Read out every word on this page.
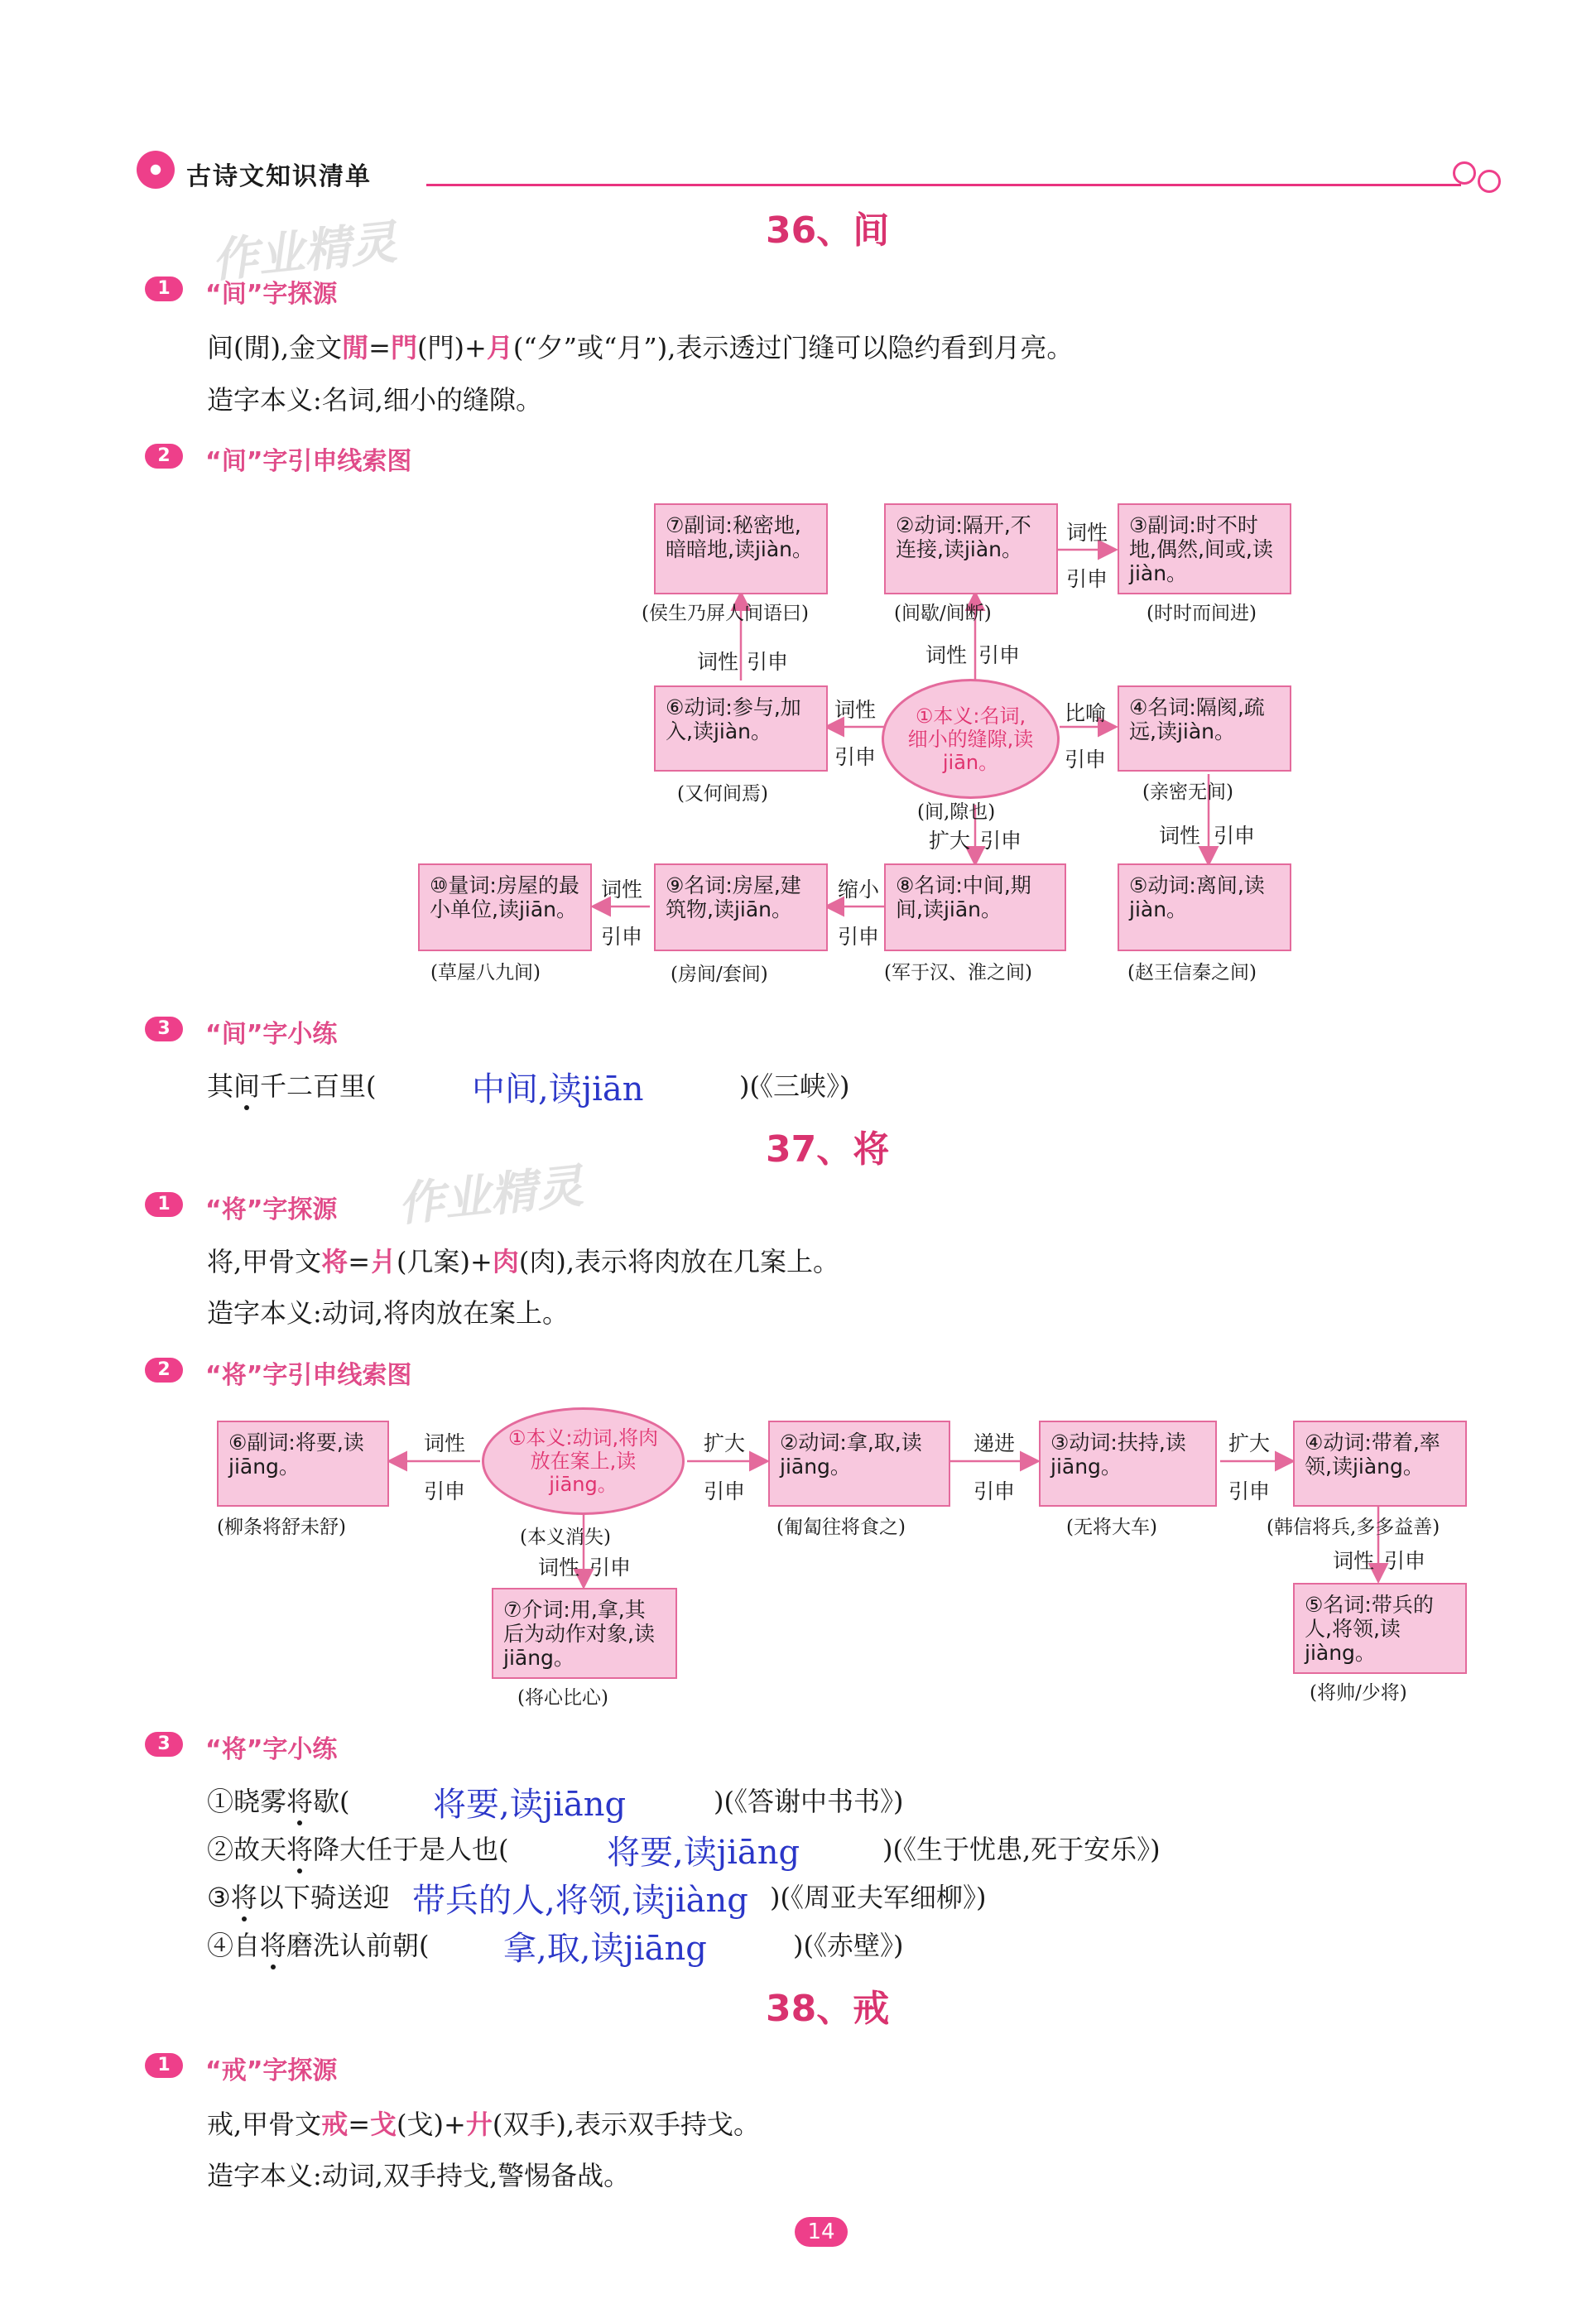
古诗文知识清单
作业精灵
作业精灵
36、间
1	“间”字探源
间(閒),金文閒=門(門)+月(“夕”或“月”),表示透过门缝可以隐约看到月亮。
造字本义:名词,细小的缝隙。
2	“间”字引申线索图
⑦副词:秘密地,暗暗地,读jiàn。
(侯生乃屏人间语曰)
②动词:隔开,不连接,读jiàn。
(间歇/间断)
③副词:时不时地,偶然,间或,读jiàn。
(时时而间进)
⑥动词:参与,加入,读jiàn。
(又何间焉)
①本义:名词,细小的缝隙,读jiān。
(间,隙也)
④名词:隔阂,疏远,读jiàn。
(亲密无间)
⑩量词:房屋的最小单位,读jiān。
(草屋八九间)
⑨名词:房屋,建筑物,读jiān。
(房间/套间)
⑧名词:中间,期间,读jiān。
(军于汉、淮之间)
⑤动词:离间,读jiàn。
(赵王信秦之间)
词性
引申
词性 引申	词性 引申
词性
引申
比喻
引申
扩大 引申	词性 引申
缩小
引申
词性
引申
3	“间”字小练
其间千二百里(	中间,读jiān	)(《三峡》)
37、将
1	“将”字探源
将,甲骨文将=爿(几案)+肉(肉),表示将肉放在几案上。
造字本义:动词,将肉放在案上。
2	“将”字引申线索图
⑥副词:将要,读jiāng。
(柳条将舒未舒)
①本义:动词,将肉放在案上,读jiāng。
(本义消失)
②动词:拿,取,读jiāng。
(匍匐往将食之)
③动词:扶持,读jiāng。
(无将大车)
④动词:带着,率领,读jiàng。
(韩信将兵,多多益善)
⑦介词:用,拿,其后为动作对象,读jiāng。
(将心比心)
⑤名词:带兵的人,将领,读jiàng。
(将帅/少将)
词性
引申
扩大
引申
递进
引申
扩大
引申
词性 引申
词性 引申
3	“将”字小练
①晓雾将歇(	将要,读jiāng	)(《答谢中书书》)
②故天将降大任于是人也(	将要,读jiāng	)(《生于忧患,死于安乐》)
③将以下骑送迎 带兵的人,将领,读jiàng )(《周亚夫军细柳》)
④自将磨洗认前朝( 拿,取,读jiāng	)(《赤壁》)
38、戒
1	“戒”字探源
戒,甲骨文戒=戈(戈)+廾(双手),表示双手持戈。
造字本义:动词,双手持戈,警惕备战。
14
